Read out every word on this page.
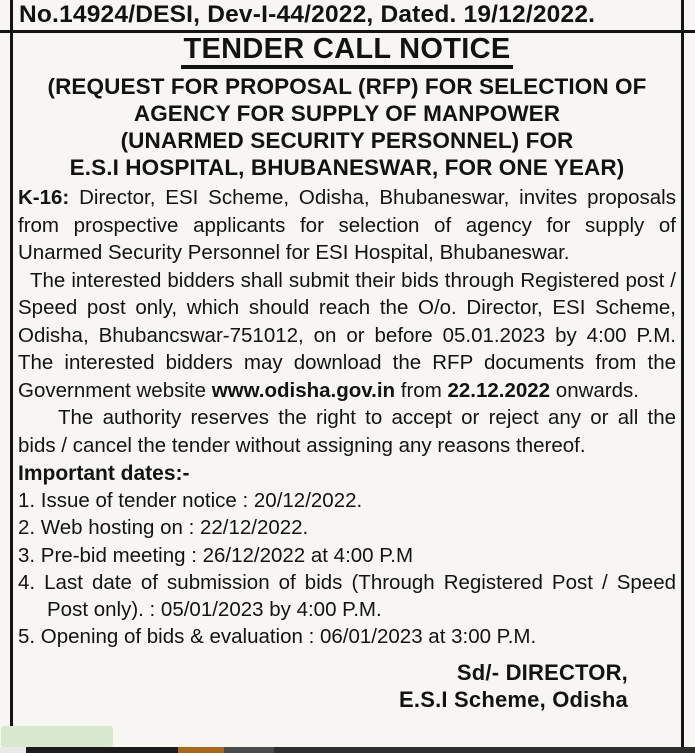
No.14924/DESI, Dev-I-44/2022, Dated. 19/12/2022.
TENDER CALL NOTICE
(REQUEST FOR PROPOSAL (RFP) FOR SELECTION OF
AGENCY FOR SUPPLY OF MANPOWER
(UNARMED SECURITY PERSONNEL) FOR
E.S.I HOSPITAL, BHUBANESWAR, FOR ONE YEAR)
K-16: Director, ESI Scheme, Odisha, Bhubaneswar, invites proposals from prospective applicants for selection of agency for supply of Unarmed Security Personnel for ESI Hospital, Bhubaneswar.
The interested bidders shall submit their bids through Registered post / Speed post only, which should reach the O/o. Director, ESI Scheme, Odisha, Bhubancswar-751012, on or before 05.01.2023 by 4:00 P.M. The interested bidders may download the RFP documents from the Government website www.odisha.gov.in from 22.12.2022 onwards.
The authority reserves the right to accept or reject any or all the bids / cancel the tender without assigning any reasons thereof.
Important dates:-
1. Issue of tender notice : 20/12/2022.
2. Web hosting on : 22/12/2022.
3. Pre-bid meeting : 26/12/2022 at 4:00 P.M
4. Last date of submission of bids (Through Registered Post / Speed Post only). : 05/01/2023 by 4:00 P.M.
5. Opening of bids & evaluation : 06/01/2023 at 3:00 P.M.
Sd/- DIRECTOR,
E.S.I Scheme, Odisha
